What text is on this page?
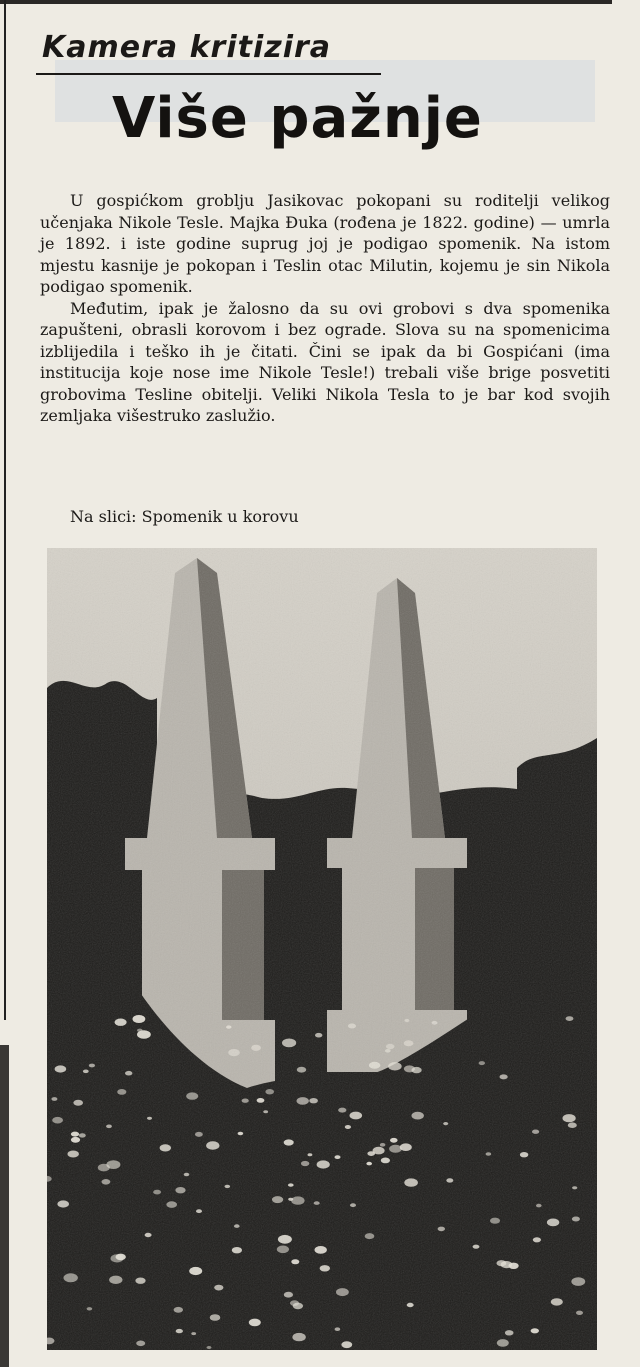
Kamera kritizira
Više pažnje

U gospićkom groblju Jasikovac pokopani su roditelji velikog učenjaka Nikole Tesle. Majka Đuka (rođena je 1822. godine) — umrla je 1892. i iste godine suprug joj je podigao spomenik. Na istom mjestu kasnije je pokopan i Teslin otac Milutin, kojemu je sin Nikola podigao spomenik.

Međutim, ipak je žalosno da su ovi grobovi s dva spomenika zapušteni, obrasli korovom i bez ograde. Slova su na spomenicima izblijedila i teško ih je čitati. Čini se ipak da bi Gospićani (ima institucija koje nose ime Nikole Tesle!) trebali više brige posvetiti grobovima Tesline obitelji. Veliki Nikola Tesla to je bar kod svojih zemljaka višestruko zaslužio.

Na slici: Spomenik u korovu
